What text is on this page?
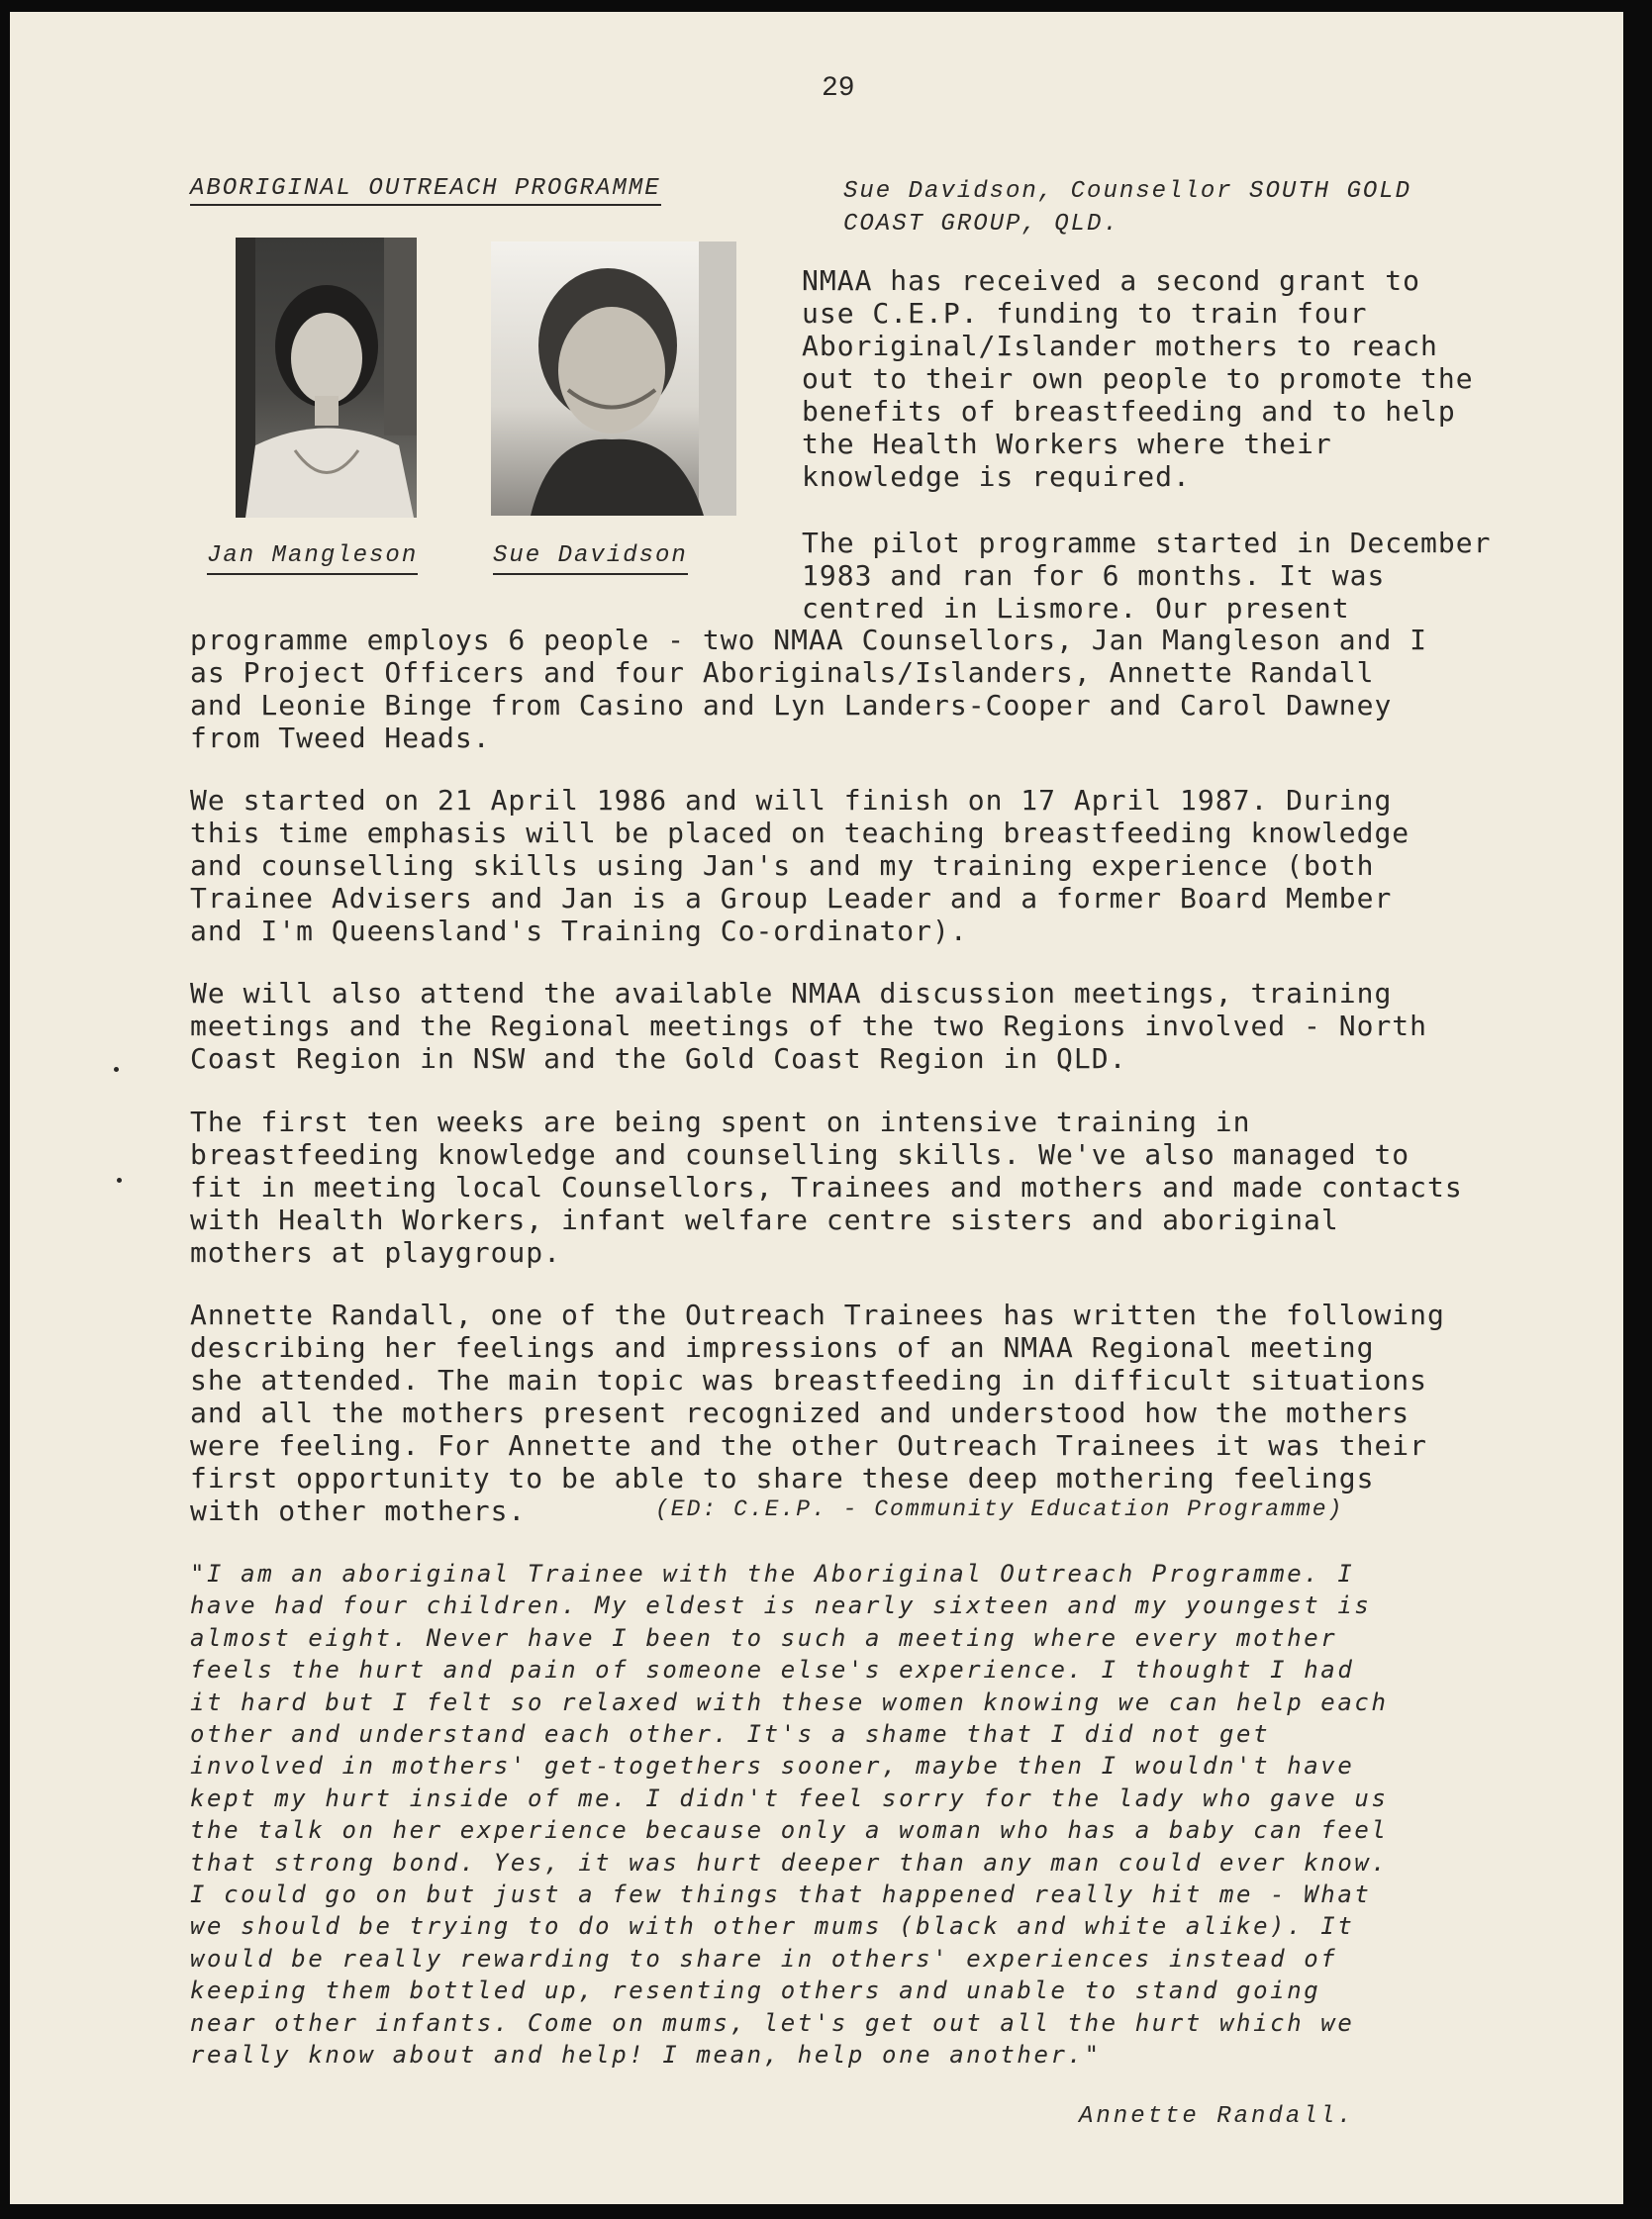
29
ABORIGINAL OUTREACH PROGRAMME	Sue Davidson, Counsellor SOUTH GOLD
COAST GROUP, QLD.
Jan Mangleson	Sue Davidson
NMAA has received a second grant to
use C.E.P. funding to train four
Aboriginal/Islander mothers to reach
out to their own people to promote the
benefits of breastfeeding and to help
the Health Workers where their
knowledge is required.
The pilot programme started in December
1983 and ran for 6 months. It was
centred in Lismore. Our present
programme employs 6 people - two NMAA Counsellors, Jan Mangleson and I
as Project Officers and four Aboriginals/Islanders, Annette Randall
and Leonie Binge from Casino and Lyn Landers-Cooper and Carol Dawney
from Tweed Heads.
We started on 21 April 1986 and will finish on 17 April 1987. During
this time emphasis will be placed on teaching breastfeeding knowledge
and counselling skills using Jan's and my training experience (both
Trainee Advisers and Jan is a Group Leader and a former Board Member
and I'm Queensland's Training Co-ordinator).
We will also attend the available NMAA discussion meetings, training
meetings and the Regional meetings of the two Regions involved - North
Coast Region in NSW and the Gold Coast Region in QLD.
The first ten weeks are being spent on intensive training in
breastfeeding knowledge and counselling skills. We've also managed to
fit in meeting local Counsellors, Trainees and mothers and made contacts
with Health Workers, infant welfare centre sisters and aboriginal
mothers at playgroup.
Annette Randall, one of the Outreach Trainees has written the following
describing her feelings and impressions of an NMAA Regional meeting
she attended. The main topic was breastfeeding in difficult situations
and all the mothers present recognized and understood how the mothers
were feeling. For Annette and the other Outreach Trainees it was their
first opportunity to be able to share these deep mothering feelings
with other mothers.	(ED: C.E.P. - Community Education Programme)
"I am an aboriginal Trainee with the Aboriginal Outreach Programme. I
have had four children. My eldest is nearly sixteen and my youngest is
almost eight. Never have I been to such a meeting where every mother
feels the hurt and pain of someone else's experience. I thought I had
it hard but I felt so relaxed with these women knowing we can help each
other and understand each other. It's a shame that I did not get
involved in mothers' get-togethers sooner, maybe then I wouldn't have
kept my hurt inside of me. I didn't feel sorry for the lady who gave us
the talk on her experience because only a woman who has a baby can feel
that strong bond. Yes, it was hurt deeper than any man could ever know.
I could go on but just a few things that happened really hit me - What
we should be trying to do with other mums (black and white alike). It
would be really rewarding to share in others' experiences instead of
keeping them bottled up, resenting others and unable to stand going
near other infants. Come on mums, let's get out all the hurt which we
really know about and help! I mean, help one another."
Annette Randall.
